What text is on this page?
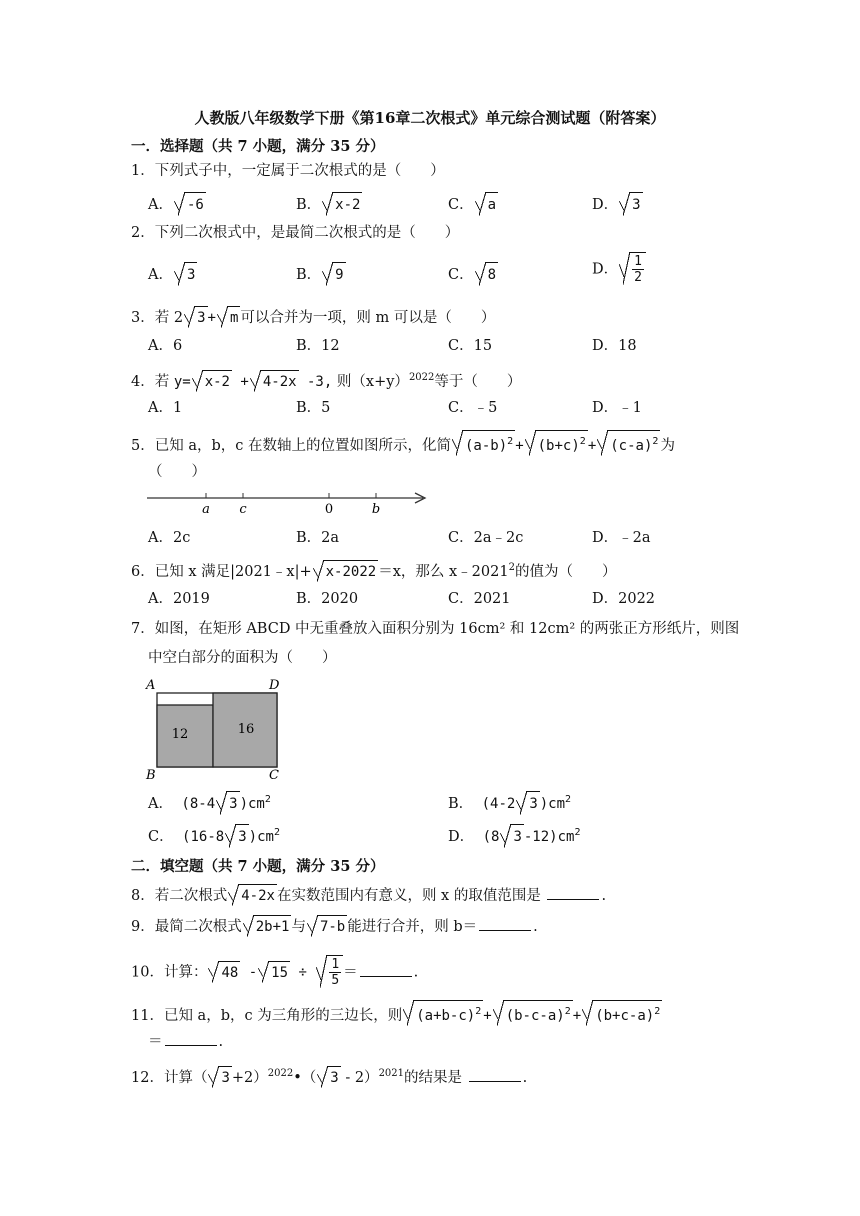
人教版八年级数学下册《第16章二次根式》单元综合测试题（附答案）
一．选择题（共 7 小题，满分 35 分）
1．下列式子中，一定属于二次根式的是（　　）
A． -6	B． x-2	C． a	D． 3
2．下列二次根式中，是最简二次根式的是（　　）
A． 3	B． 9	C． 8	D． $\frac{1}{2}$
3．若 2 3 + m 可以合并为一项，则 m 可以是（　　）
A．6	B．12	C．15	D．18
4．若 y= x-2 + 4-2x -3, 则$(x+y)^{2022}$等于（　　）
A．1	B．5	C．﹣5	D．﹣1
5．已知 a，b，c 在数轴上的位置如图所示，化简 $(a-b)^2 + (b+c)^2 + (c-a)^2$ 为
（　　）
a c	0	b
A．2c	B．2a	C．2a﹣2c	D．﹣2a
6．已知 x 满足|2021﹣x|+ x-2022 ＝x，那么 x﹣2021$^2$的值为（　　）
A．2019	B．2020	C．2021	D．2022
7．如图，在矩形 ABCD 中无重叠放入面积分别为 16cm² 和 12cm² 的两张正方形纸片，则图
中空白部分的面积为（　　）
A	D
B	C
12	16
A． (8-4 3 )$cm^2$	B． (4-2 3 )$cm^2$
C． (16-8 3 )$cm^2$	D． (8 3 $-12)cm^2$
二．填空题（共 7 小题，满分 35 分）
8．若二次根式 4-2x 在实数范围内有意义，则 x 的取值范围是	.
9．最简二次根式 2b+1 与 7-b 能进行合并，则 b＝	.
10．计算： $48 - 15 \div \frac{1}{5}$ ＝	.
11．已知 a，b，c 为三角形的三边长，则 $(a+b-c)^2 + (b-c-a)^2 + (b+c-a)^2$
＝	.
12．计算（ 3 +2）$^{2022}$•（ 3 - 2）$^{2021}$的结果是	.
